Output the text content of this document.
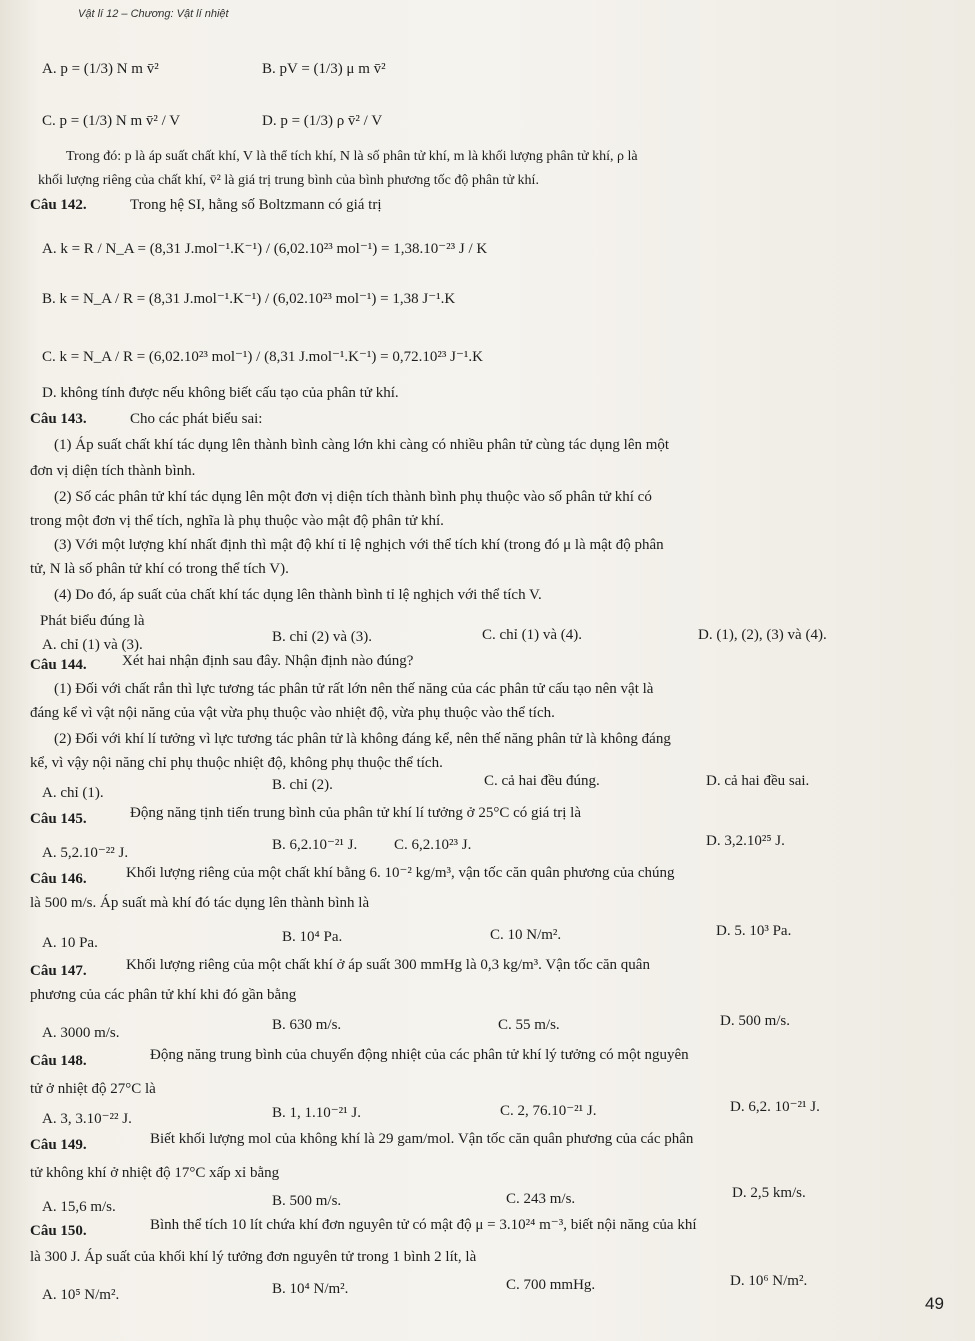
Vật lí 12 – Chương: Vật lí nhiệt
A. p = (1/3) N m v̄²	B. pV = (1/3) μ m v̄²
C. p = (1/3) N m v̄² / V	D. p = (1/3) ρ v̄² / V
Trong đó: p là áp suất chất khí, V là thể tích khí, N là số phân tử khí, m là khối lượng phân tử khí, ρ là
khối lượng riêng của chất khí, v̄² là giá trị trung bình của bình phương tốc độ phân tử khí.
Câu 142.	Trong hệ SI, hằng số Boltzmann có giá trị
A. k = R / N_A = (8,31 J.mol⁻¹.K⁻¹) / (6,02.10²³ mol⁻¹) = 1,38.10⁻²³ J / K
B. k = N_A / R = (8,31 J.mol⁻¹.K⁻¹) / (6,02.10²³ mol⁻¹) = 1,38 J⁻¹.K
C. k = N_A / R = (6,02.10²³ mol⁻¹) / (8,31 J.mol⁻¹.K⁻¹) = 0,72.10²³ J⁻¹.K
D. không tính được nếu không biết cấu tạo của phân tử khí.
Câu 143.	Cho các phát biểu sai:
(1) Áp suất chất khí tác dụng lên thành bình càng lớn khi càng có nhiều phân tử cùng tác dụng lên một
đơn vị diện tích thành bình.
(2) Số các phân tử khí tác dụng lên một đơn vị diện tích thành bình phụ thuộc vào số phân tử khí có
trong một đơn vị thể tích, nghĩa là phụ thuộc vào mật độ phân tử khí.
(3) Với một lượng khí nhất định thì mật độ khí tỉ lệ nghịch với thể tích khí (trong đó μ là mật độ phân
tử, N là số phân tử khí có trong thể tích V).
(4) Do đó, áp suất của chất khí tác dụng lên thành bình tỉ lệ nghịch với thể tích V.
Phát biểu đúng là
A. chỉ (1) và (3).	B. chỉ (2) và (3).	C. chỉ (1) và (4).	D. (1), (2), (3) và (4).
Câu 144. Xét hai nhận định sau đây. Nhận định nào đúng?
(1) Đối với chất rắn thì lực tương tác phân tử rất lớn nên thế năng của các phân tử cấu tạo nên vật là
đáng kể vì vật nội năng của vật vừa phụ thuộc vào nhiệt độ, vừa phụ thuộc vào thể tích.
(2) Đối với khí lí tưởng vì lực tương tác phân tử là không đáng kể, nên thế năng phân tử là không đáng
kể, vì vậy nội năng chỉ phụ thuộc nhiệt độ, không phụ thuộc thể tích.
A. chỉ (1).	B. chỉ (2).	C. cả hai đều đúng.	D. cả hai đều sai.
Câu 145.	Động năng tịnh tiến trung bình của phân tử khí lí tưởng ở 25°C có giá trị là
A. 5,2.10⁻²² J.	B. 6,2.10⁻²¹ J. C. 6,2.10²³ J.	D. 3,2.10²⁵ J.
Câu 146.	Khối lượng riêng của một chất khí bằng 6. 10⁻² kg/m³, vận tốc căn quân phương của chúng
là 500 m/s. Áp suất mà khí đó tác dụng lên thành bình là
A. 10 Pa.	B. 10⁴ Pa.	C. 10 N/m².	D. 5. 10³ Pa.
Câu 147.	Khối lượng riêng của một chất khí ở áp suất 300 mmHg là 0,3 kg/m³. Vận tốc căn quân
phương của các phân tử khí khi đó gần bằng
A. 3000 m/s.	B. 630 m/s.	C. 55 m/s.	D. 500 m/s.
Câu 148.	Động năng trung bình của chuyển động nhiệt của các phân tử khí lý tưởng có một nguyên
tử ở nhiệt độ 27°C là
A. 3, 3.10⁻²² J.	B. 1, 1.10⁻²¹ J.	C. 2, 76.10⁻²¹ J.	D. 6,2. 10⁻²¹ J.
Câu 149.	Biết khối lượng mol của không khí là 29 gam/mol. Vận tốc căn quân phương của các phân
tử không khí ở nhiệt độ 17°C xấp xỉ bằng
A. 15,6 m/s.	B. 500 m/s.	C. 243 m/s.	D. 2,5 km/s.
Câu 150.	Bình thể tích 10 lít chứa khí đơn nguyên tử có mật độ μ = 3.10²⁴ m⁻³, biết nội năng của khí
là 300 J. Áp suất của khối khí lý tưởng đơn nguyên tử trong 1 bình 2 lít, là
A. 10⁵ N/m².	B. 10⁴ N/m².	C. 700 mmHg.	D. 10⁶ N/m².
49
